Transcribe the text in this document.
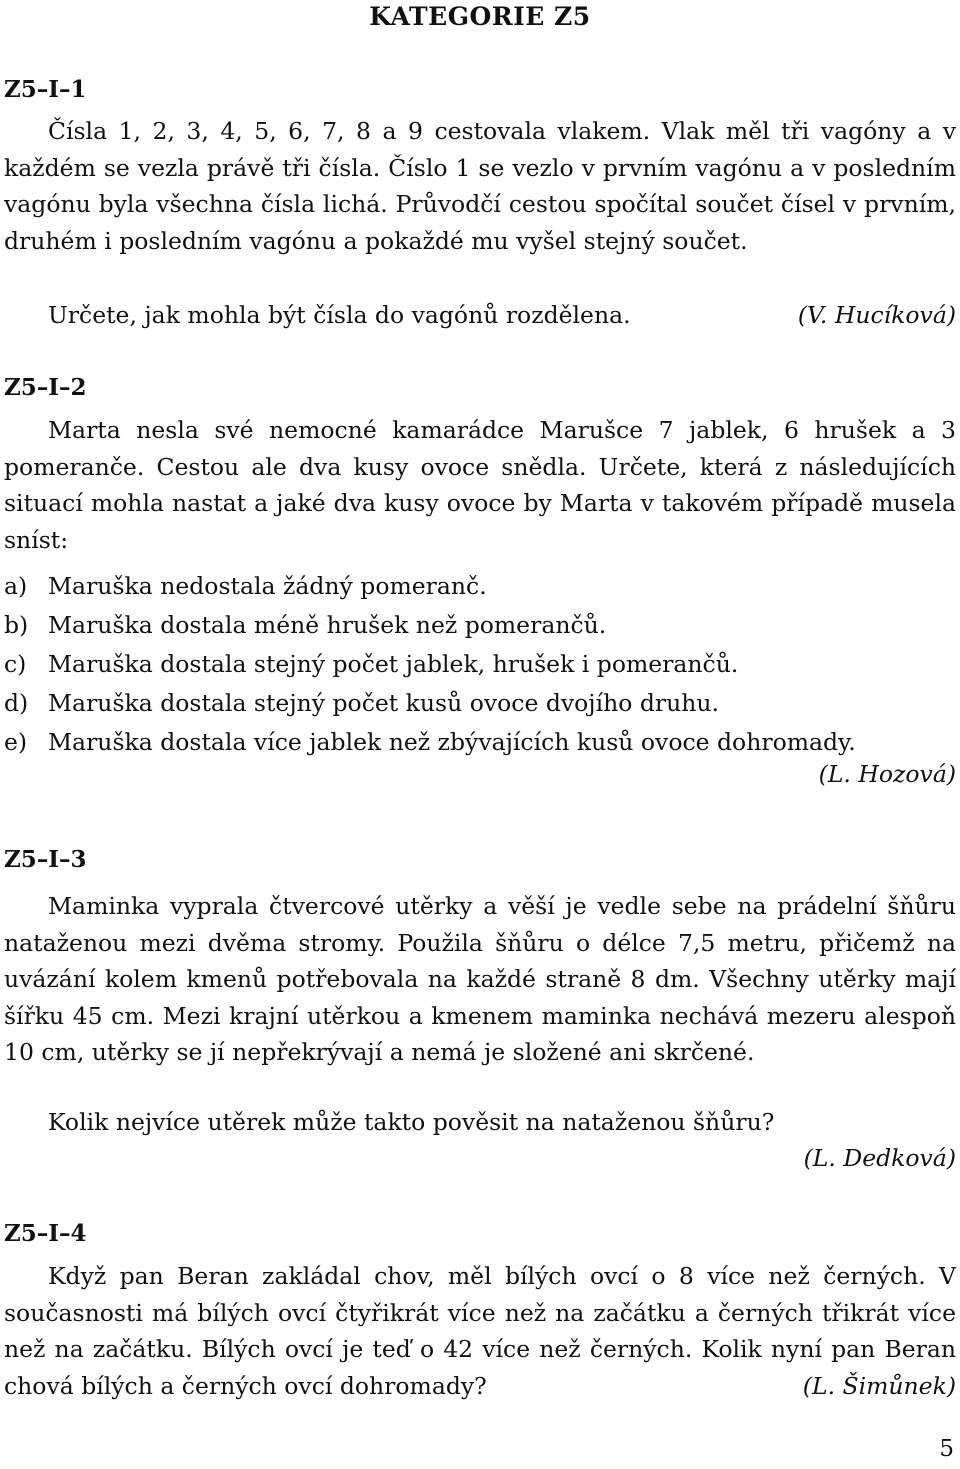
KATEGORIE Z5
Z5–I–1
Čísla 1, 2, 3, 4, 5, 6, 7, 8 a 9 cestovala vlakem. Vlak měl tři vagóny a v každém se vezla právě tři čísla. Číslo 1 se vezlo v prvním vagónu a v posledním vagónu byla všechna čísla lichá. Průvodčí cestou spočítal součet čísel v prvním, druhém i posledním vagónu a pokaždé mu vyšel stejný součet.
Určete, jak mohla být čísla do vagónů rozdělena.	(V. Hucíková)
Z5–I–2
Marta nesla své nemocné kamarádce Marušce 7 jablek, 6 hrušek a 3 pomeranče. Cestou ale dva kusy ovoce snědla. Určete, která z následujících situací mohla nastat a jaké dva kusy ovoce by Marta v takovém případě musela sníst:
a) Maruška nedostala žádný pomeranč.
b) Maruška dostala méně hrušek než pomerančů.
c) Maruška dostala stejný počet jablek, hrušek i pomerančů.
d) Maruška dostala stejný počet kusů ovoce dvojího druhu.
e) Maruška dostala více jablek než zbývajících kusů ovoce dohromady.
(L. Hozová)
Z5–I–3
Maminka vyprala čtvercové utěrky a věší je vedle sebe na prádelní šňůru nataženou mezi dvěma stromy. Použila šňůru o délce 7,5 metru, přičemž na uvázání kolem kmenů potřebovala na každé straně 8 dm. Všechny utěrky mají šířku 45 cm. Mezi krajní utěrkou a kmenem maminka nechává mezeru alespoň 10 cm, utěrky se jí nepřekrývají a nemá je složené ani skrčené.
Kolik nejvíce utěrek může takto pověsit na nataženou šňůru?
(L. Dedková)
Z5–I–4
Když pan Beran zakládal chov, měl bílých ovcí o 8 více než černých. V současnosti má bílých ovcí čtyřikrát více než na začátku a černých třikrát více než na začátku. Bílých ovcí je teď o 42 více než černých. Kolik nyní pan Beran chová bílých a černých ovcí dohromady?	(L. Šimůnek)
5
